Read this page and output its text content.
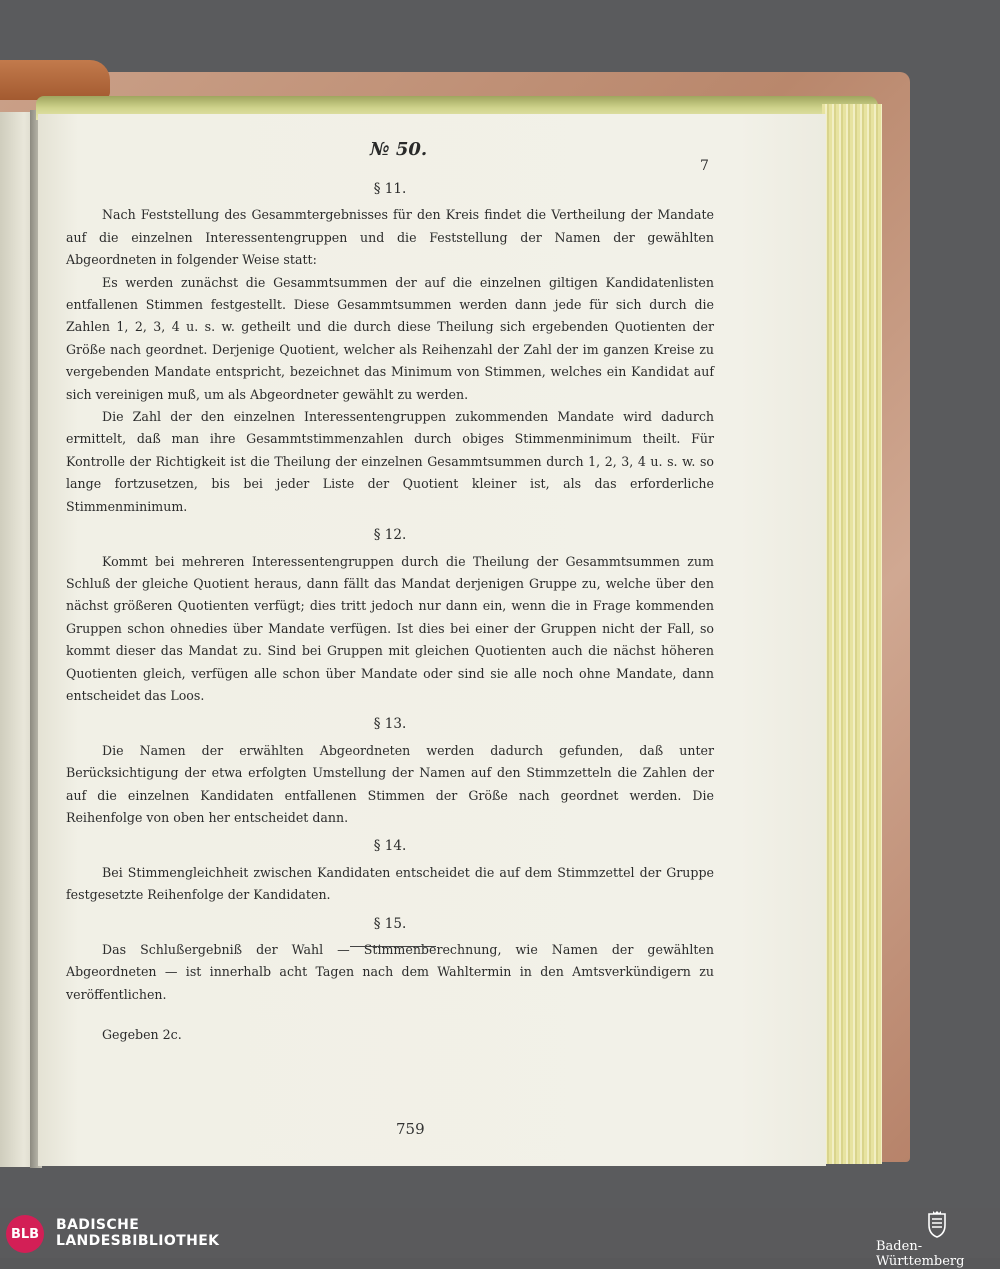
№ 50.
7
§ 11.

Nach Feststellung des Gesammtergebnisses für den Kreis findet die Vertheilung der Mandate auf die einzelnen Interessentengruppen und die Feststellung der Namen der gewählten Abgeordneten in folgender Weise statt:

Es werden zunächst die Gesammtsummen der auf die einzelnen giltigen Kandidatenlisten entfallenen Stimmen festgestellt. Diese Gesammtsummen werden dann jede für sich durch die Zahlen 1, 2, 3, 4 u. s. w. getheilt und die durch diese Theilung sich ergebenden Quotienten der Größe nach geordnet. Derjenige Quotient, welcher als Reihenzahl der Zahl der im ganzen Kreise zu vergebenden Mandate entspricht, bezeichnet das Minimum von Stimmen, welches ein Kandidat auf sich vereinigen muß, um als Abgeordneter gewählt zu werden.

Die Zahl der den einzelnen Interessentengruppen zukommenden Mandate wird dadurch ermittelt, daß man ihre Gesammtstimmenzahlen durch obiges Stimmenminimum theilt. Für Kontrolle der Richtigkeit ist die Theilung der einzelnen Gesammtsummen durch 1, 2, 3, 4 u. s. w. so lange fortzusetzen, bis bei jeder Liste der Quotient kleiner ist, als das erforderliche Stimmenminimum.

§ 12.

Kommt bei mehreren Interessentengruppen durch die Theilung der Gesammtsummen zum Schluß der gleiche Quotient heraus, dann fällt das Mandat derjenigen Gruppe zu, welche über den nächst größeren Quotienten verfügt; dies tritt jedoch nur dann ein, wenn die in Frage kommenden Gruppen schon ohnedies über Mandate verfügen. Ist dies bei einer der Gruppen nicht der Fall, so kommt dieser das Mandat zu. Sind bei Gruppen mit gleichen Quotienten auch die nächst höheren Quotienten gleich, verfügen alle schon über Mandate oder sind sie alle noch ohne Mandate, dann entscheidet das Loos.

§ 13.

Die Namen der erwählten Abgeordneten werden dadurch gefunden, daß unter Berücksichtigung der etwa erfolgten Umstellung der Namen auf den Stimmzetteln die Zahlen der auf die einzelnen Kandidaten entfallenen Stimmen der Größe nach geordnet werden. Die Reihenfolge von oben her entscheidet dann.

§ 14.

Bei Stimmengleichheit zwischen Kandidaten entscheidet die auf dem Stimmzettel der Gruppe festgesetzte Reihenfolge der Kandidaten.

§ 15.

Das Schlußergebniß der Wahl — Stimmenberechnung, wie Namen der gewählten Abgeordneten — ist innerhalb acht Tagen nach dem Wahltermin in den Amtsverkündigern zu veröffentlichen.

Gegeben 2c.

759
BLB
BADISCHE
LANDESBIBLIOTHEK	Baden-Württemberg
